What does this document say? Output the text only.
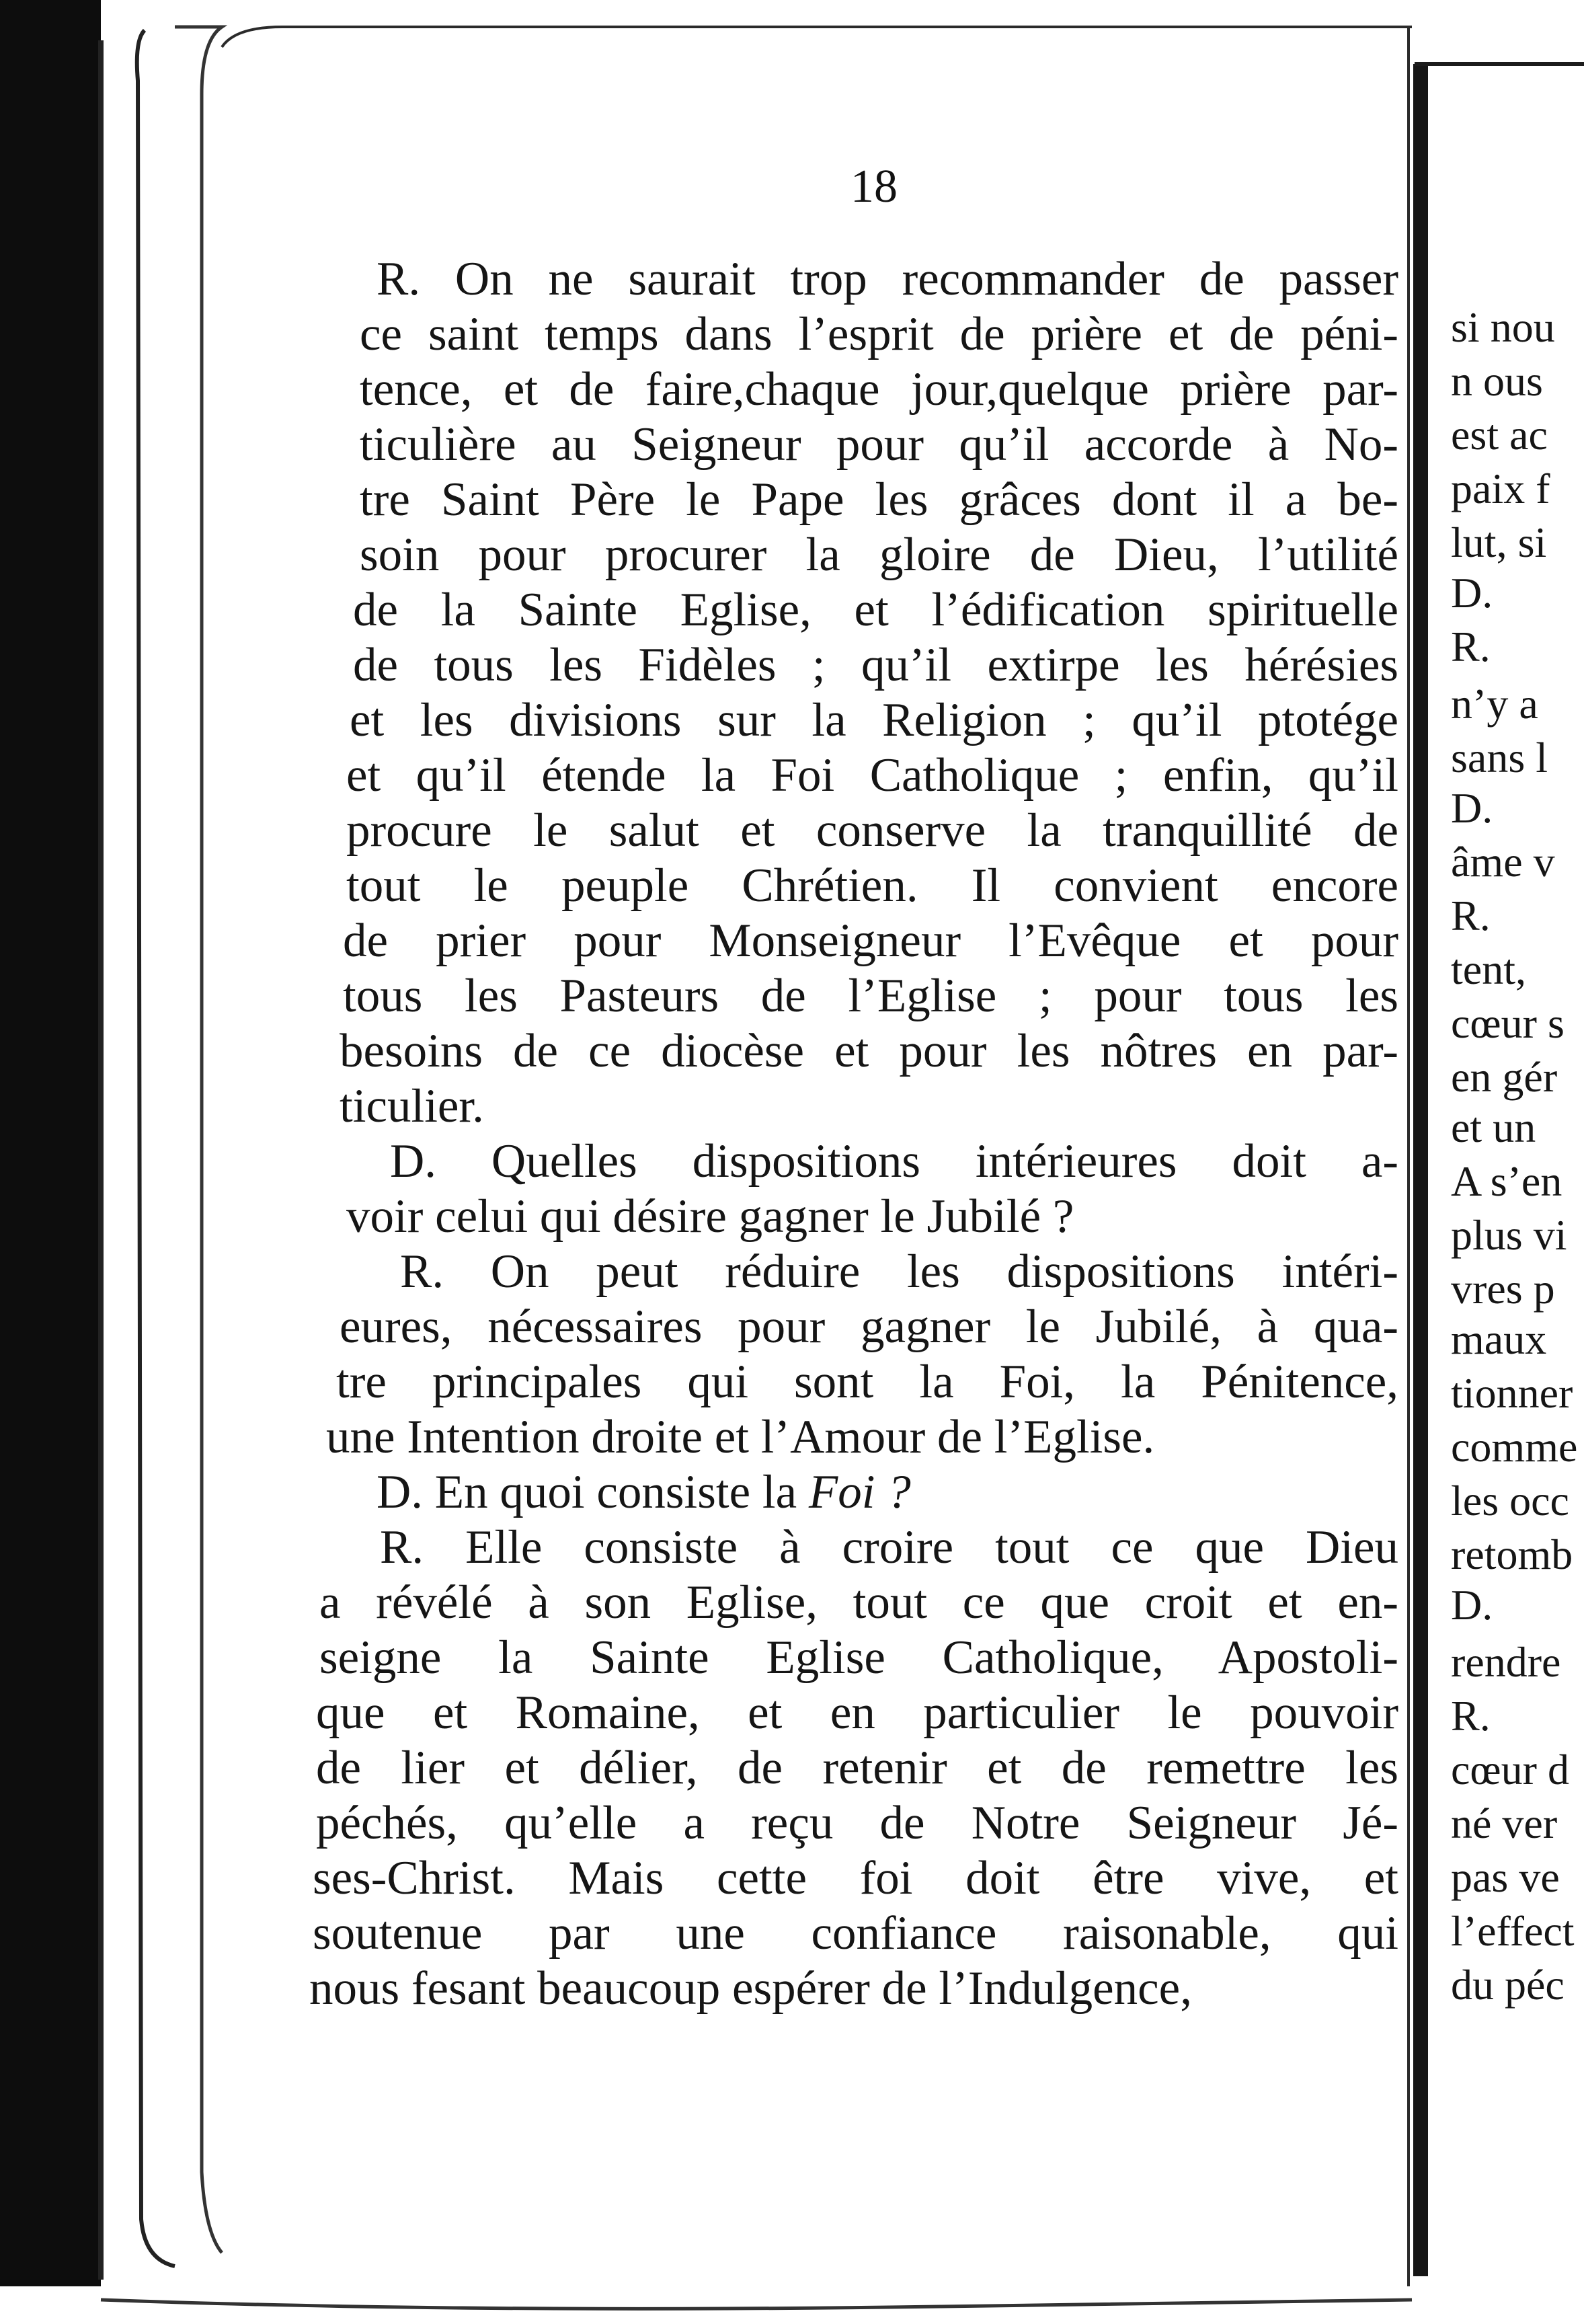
18
R. On ne saurait trop recommander de passer
ce saint temps dans l’esprit de prière et de péni-
tence, et de faire,chaque jour,quelque prière par-
ticulière au Seigneur pour qu’il accorde à No-
tre Saint Père le Pape les grâces dont il a be-
soin pour procurer la gloire de Dieu, l’utilité
de la Sainte Eglise, et l’édification spirituelle
de tous les Fidèles ; qu’il extirpe les hérésies
et les divisions sur la Religion ; qu’il ptotége
et qu’il étende la Foi Catholique ; enfin, qu’il
procure le salut et conserve la tranquillité de
tout le peuple Chrétien. Il convient encore
de prier pour Monseigneur l’Evêque et pour
tous les Pasteurs de l’Eglise ; pour tous les
besoins de ce diocèse et pour les nôtres en par-
ticulier.
D. Quelles dispositions intérieures doit a-
voir celui qui désire gagner le Jubilé ?
R. On peut réduire les dispositions intéri-
eures, nécessaires pour gagner le Jubilé, à qua-
tre principales qui sont la Foi, la Pénitence,
une Intention droite et l’Amour de l’Eglise.
D. En quoi consiste la Foi ?
R. Elle consiste à croire tout ce que Dieu
a révélé à son Eglise, tout ce que croit et en-
seigne la Sainte Eglise Catholique, Apostoli-
que et Romaine, et en particulier le pouvoir
de lier et délier, de retenir et de remettre les
péchés, qu’elle a reçu de Notre Seigneur Jé-
ses-Christ. Mais cette foi doit être vive, et
soutenue par une confiance raisonable, qui
nous fesant beaucoup espérer de l’Indulgence,
si nou
n ous
est ac
paix f
lut, si
D.
R.
n’y a
sans l
D.
âme v
R.
tent,
cœur s
en gér
et un
A s’en
plus vi
vres p
maux
tionner
comme
les occ
retomb
D.
rendre
R.
cœur d
né ver
pas ve
l’effect
du péc
